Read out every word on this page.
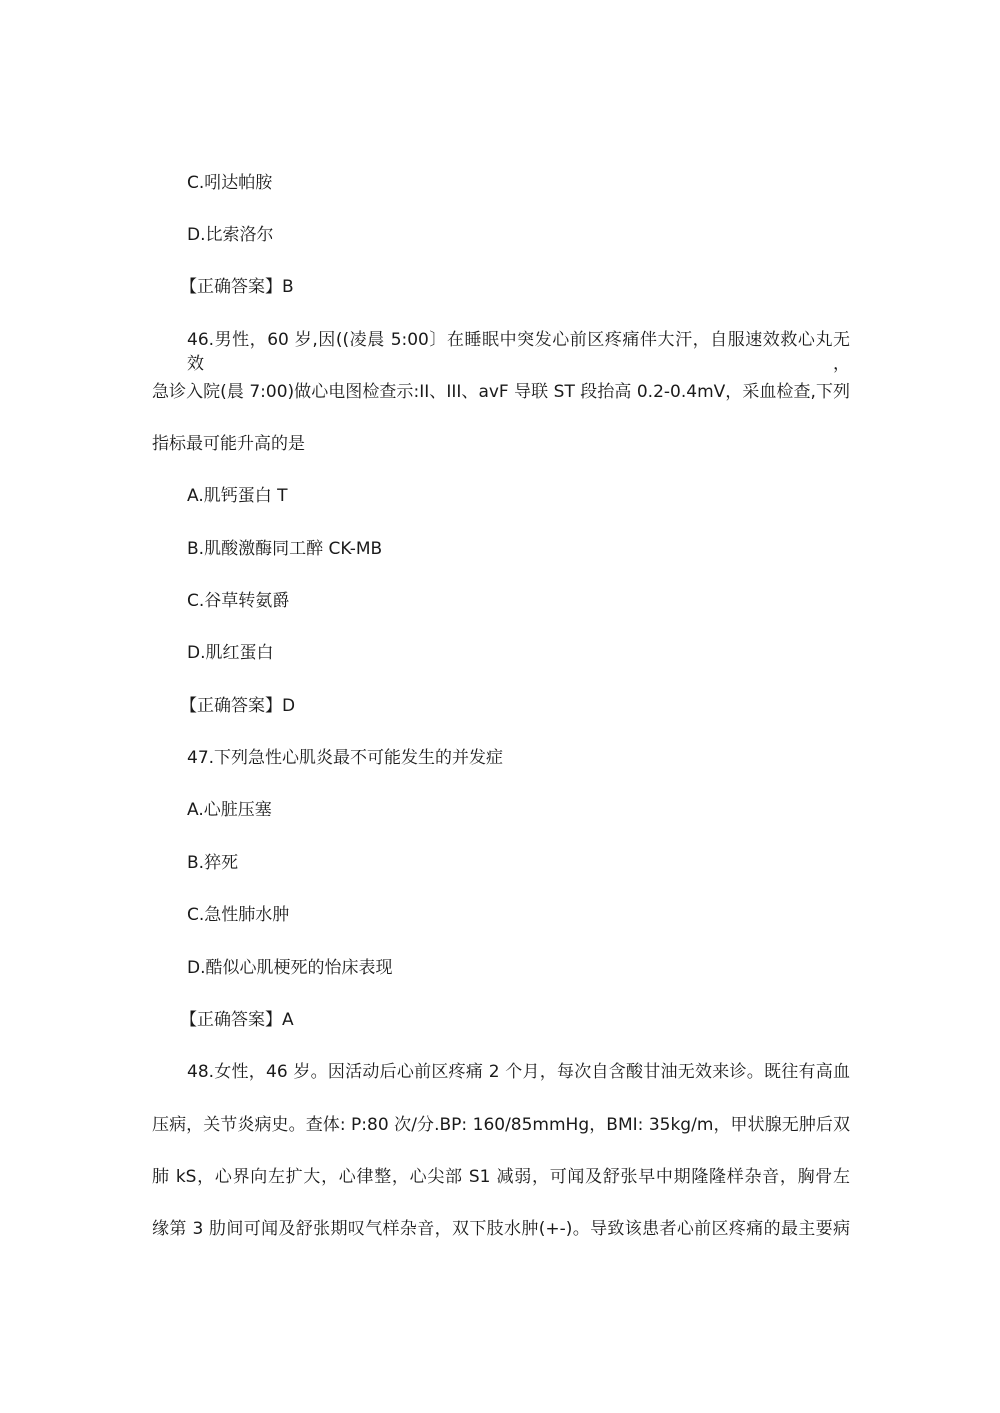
C.吲达帕胺
D.比索洛尔
【正确答案】B
46.男性，60 岁,因((凌晨 5:00〕在睡眠中突发心前区疼痛伴大汗，自服速效救心丸无效，
急诊入院(晨 7:00)做心电图检查示:II、III、avF 导联 ST 段抬高 0.2-0.4mV，采血检查,下列
指标最可能升高的是
A.肌钙蛋白 T
B.肌酸激酶同工醉 CK-MB
C.谷草转氨爵
D.肌红蛋白
【正确答案】D
47.下列急性心肌炎最不可能发生的并发症
A.心脏压塞
B.猝死
C.急性肺水肿
D.酷似心肌梗死的怡床表现
【正确答案】A
48.女性，46 岁。因活动后心前区疼痛 2 个月，每次自含酸甘油无效来诊。既往有高血
压病，关节炎病史。查体: P:80 次/分.BP: 160/85mmHg，BMI: 35kg/m，甲状腺无肿后双
肺 kS，心界向左扩大，心律整，心尖部 S1 减弱，可闻及舒张早中期隆隆样杂音，胸骨左
缘第 3 肋间可闻及舒张期叹气样杂音，双下肢水肿(+-)。导致该患者心前区疼痛的最主要病
